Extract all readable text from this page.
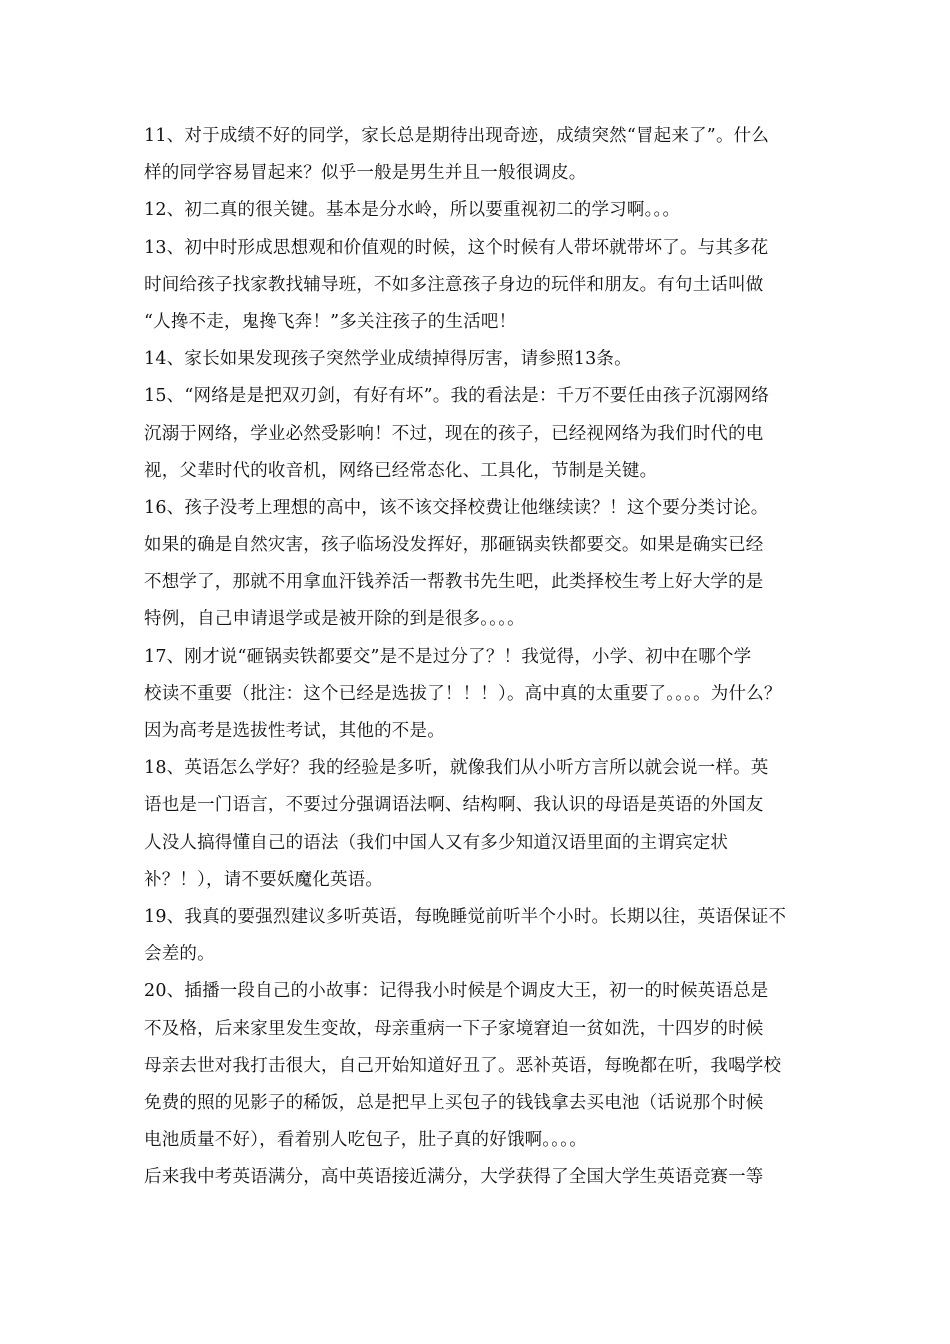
11、对于成绩不好的同学，家长总是期待出现奇迹，成绩突然“冒起来了”。什么
样的同学容易冒起来？似乎一般是男生并且一般很调皮。
12、初二真的很关键。基本是分水岭，所以要重视初二的学习啊。。。
13、初中时形成思想观和价值观的时候，这个时候有人带坏就带坏了。与其多花
时间给孩子找家教找辅导班，不如多注意孩子身边的玩伴和朋友。有句土话叫做
“人搀不走，鬼搀飞奔！”多关注孩子的生活吧！
14、家长如果发现孩子突然学业成绩掉得厉害，请参照13条。
15、“网络是是把双刃剑，有好有坏”。我的看法是：千万不要任由孩子沉溺网络
沉溺于网络，学业必然受影响！不过，现在的孩子，已经视网络为我们时代的电
视，父辈时代的收音机，网络已经常态化、工具化，节制是关键。
16、孩子没考上理想的高中，该不该交择校费让他继续读？！这个要分类讨论。
如果的确是自然灾害，孩子临场没发挥好，那砸锅卖铁都要交。如果是确实已经
不想学了，那就不用拿血汗钱养活一帮教书先生吧，此类择校生考上好大学的是
特例，自己申请退学或是被开除的到是很多。。。。
17、刚才说“砸锅卖铁都要交”是不是过分了？！我觉得，小学、初中在哪个学
校读不重要（批注：这个已经是选拔了！！！）。高中真的太重要了。。。。为什么？
因为高考是选拔性考试，其他的不是。
18、英语怎么学好？我的经验是多听，就像我们从小听方言所以就会说一样。英
语也是一门语言，不要过分强调语法啊、结构啊、我认识的母语是英语的外国友
人没人搞得懂自己的语法（我们中国人又有多少知道汉语里面的主谓宾定状
补？！），请不要妖魔化英语。
19、我真的要强烈建议多听英语，每晚睡觉前听半个小时。长期以往，英语保证不
会差的。
20、插播一段自己的小故事：记得我小时候是个调皮大王，初一的时候英语总是
不及格，后来家里发生变故，母亲重病一下子家境窘迫一贫如洗，十四岁的时候
母亲去世对我打击很大，自己开始知道好丑了。恶补英语，每晚都在听，我喝学校
免费的照的见影子的稀饭，总是把早上买包子的钱钱拿去买电池（话说那个时候
电池质量不好），看着别人吃包子，肚子真的好饿啊。。。。
后来我中考英语满分，高中英语接近满分，大学获得了全国大学生英语竞赛一等
